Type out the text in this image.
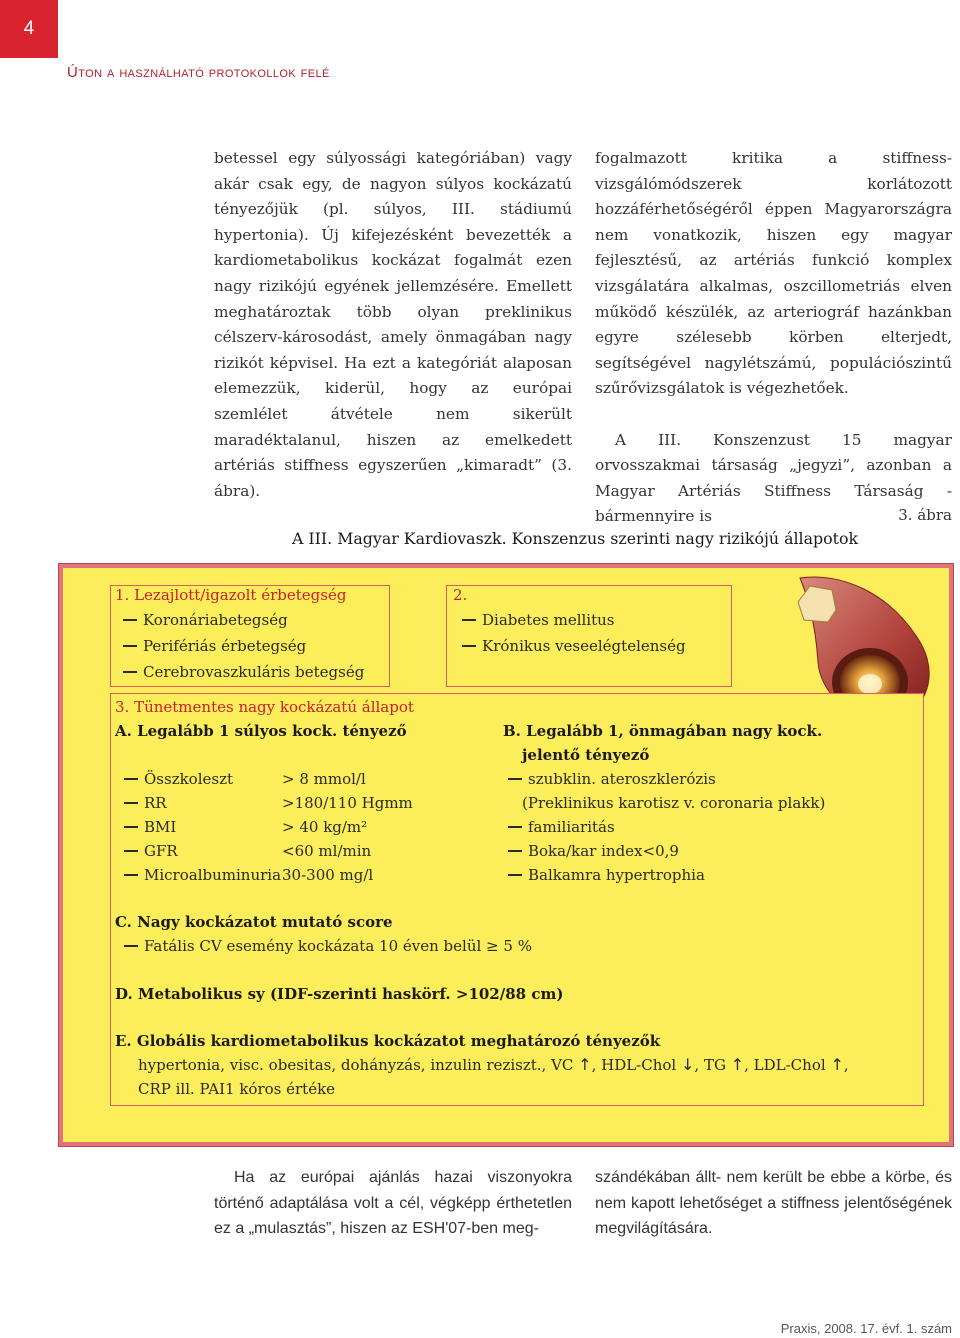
4
Úton a használható protokollok felé

betessel egy súlyossági kategóriában) vagy akár csak egy, de nagyon súlyos kockázatú tényezőjük (pl. súlyos, III. stádiumú hypertonia). Új kifejezésként bevezették a kardiometabolikus kockázat fogalmát ezen nagy rizikójú egyének jellemzésére. Emellett meghatároztak több olyan preklinikus célszerv-károsodást, amely önmagában nagy rizikót képvisel. Ha ezt a kategóriát alaposan elemezzük, kiderül, hogy az európai szemlélet átvétele nem sikerült maradéktalanul, hiszen az emelkedett artériás stiffness egyszerűen „kimaradt” (3. ábra).

fogalmazott kritika a stiffness-vizsgálómódszerek korlátozott hozzáférhetőségéről éppen Magyarországra nem vonatkozik, hiszen egy magyar fejlesztésű, az artériás funkció komplex vizsgálatára alkalmas, oszcillometriás elven működő készülék, az arteriográf hazánkban egyre szélesebb körben elterjedt, segítségével nagylétszámú, populációszintű szűrővizsgálatok is végezhetőek.

A III. Konszenzust 15 magyar orvosszakmai társaság „jegyzi”, azonban a Magyar Artériás Stiffness Társaság -bármennyire is	3. ábra
A III. Magyar Kardiovaszk. Konszenzus szerinti nagy rizikójú állapotok
1. Lezajlott/igazolt érbetegség
Koronáriabetegség
Perifériás érbetegség
Cerebrovaszkuláris betegség
2.
Diabetes mellitus
Krónikus veseelégtelenség
3. Tünetmentes nagy kockázatú állapot
A. Legalább 1 súlyos kock. tényező	B. Legalább 1, önmagában nagy kock.
jelentő tényező
Összkoleszt	> 8 mmol/l
RR	>180/110 Hgmm
BMI	> 40 kg/m²
GFR	<60 ml/min
Microalbuminuria 30-300 mg/l
szubklin. ateroszklerózis
(Preklinikus karotisz v. coronaria plakk)
familiaritás
Boka/kar index<0,9
Balkamra hypertrophia
C. Nagy kockázatot mutató score
Fatális CV esemény kockázata 10 éven belül ≥ 5 %
D. Metabolikus sy (IDF-szerinti haskörf. >102/88 cm)
E. Globális kardiometabolikus kockázatot meghatározó tényezők
hypertonia, visc. obesitas, dohányzás, inzulin reziszt., VC ↑, HDL-Chol ↓, TG ↑, LDL-Chol ↑,
CRP ill. PAI1 kóros értéke

Ha az európai ajánlás hazai viszonyokra történő adaptálása volt a cél, végképp érthetetlen ez a „mulasztás”, hiszen az ESH'07-ben meg-

szándékában állt- nem került be ebbe a körbe, és nem kapott lehetőséget a stiffness jelentőségének megvilágítására.

Praxis, 2008. 17. évf. 1. szám
